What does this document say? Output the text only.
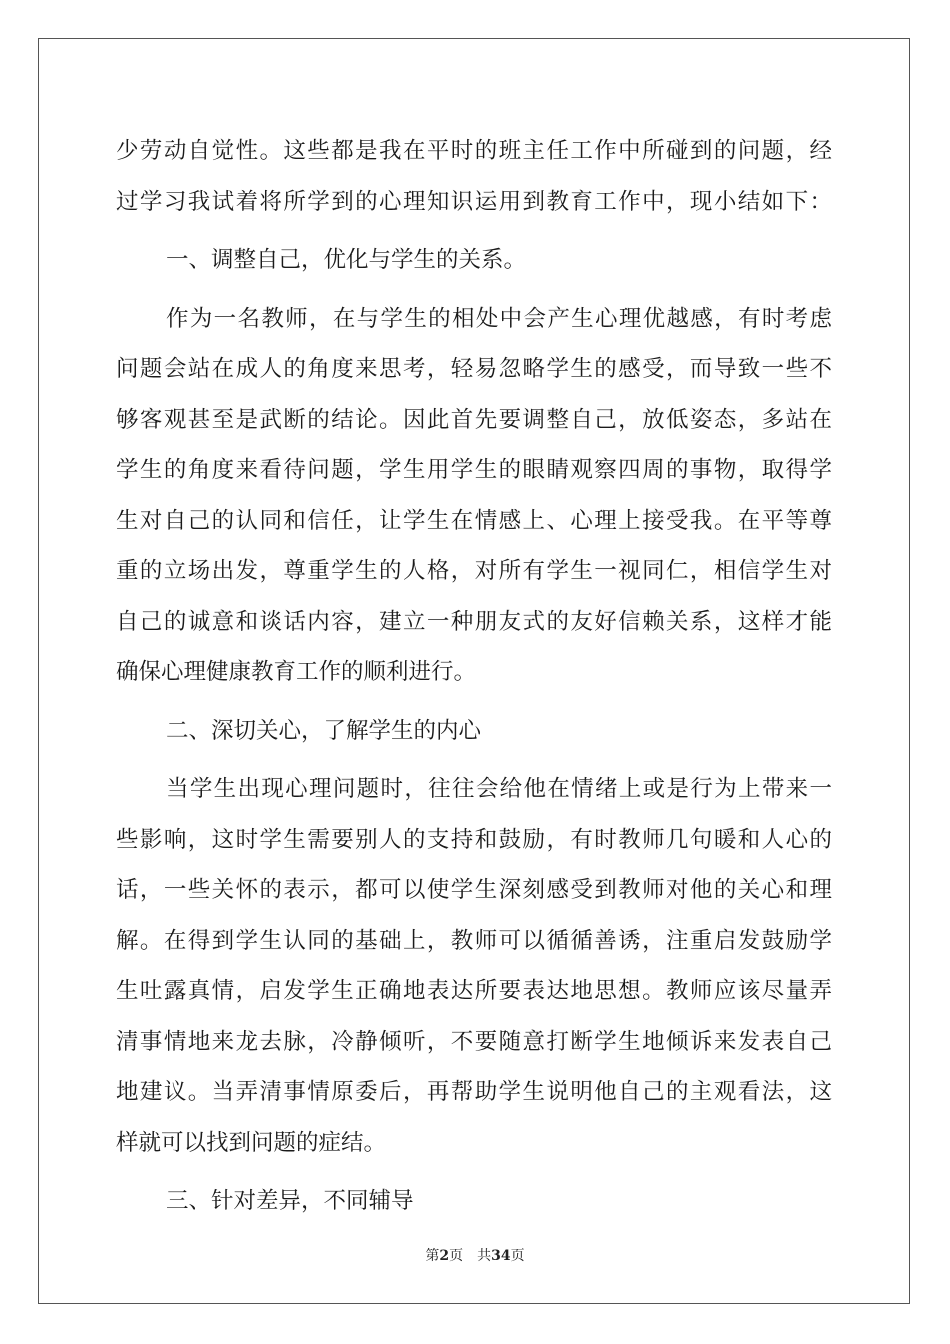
少劳动自觉性。这些都是我在平时的班主任工作中所碰到的问题，经
过学习我试着将所学到的心理知识运用到教育工作中，现小结如下：
一、调整自己，优化与学生的关系。
作为一名教师，在与学生的相处中会产生心理优越感，有时考虑
问题会站在成人的角度来思考，轻易忽略学生的感受，而导致一些不
够客观甚至是武断的结论。因此首先要调整自己，放低姿态，多站在
学生的角度来看待问题，学生用学生的眼睛观察四周的事物，取得学
生对自己的认同和信任，让学生在情感上、心理上接受我。在平等尊
重的立场出发，尊重学生的人格，对所有学生一视同仁，相信学生对
自己的诚意和谈话内容，建立一种朋友式的友好信赖关系，这样才能
确保心理健康教育工作的顺利进行。
二、深切关心，了解学生的内心
当学生出现心理问题时，往往会给他在情绪上或是行为上带来一
些影响，这时学生需要别人的支持和鼓励，有时教师几句暖和人心的
话，一些关怀的表示，都可以使学生深刻感受到教师对他的关心和理
解。在得到学生认同的基础上，教师可以循循善诱，注重启发鼓励学
生吐露真情，启发学生正确地表达所要表达地思想。教师应该尽量弄
清事情地来龙去脉，冷静倾听，不要随意打断学生地倾诉来发表自己
地建议。当弄清事情原委后，再帮助学生说明他自己的主观看法，这
样就可以找到问题的症结。
三、针对差异，不同辅导
第2页 共34页
